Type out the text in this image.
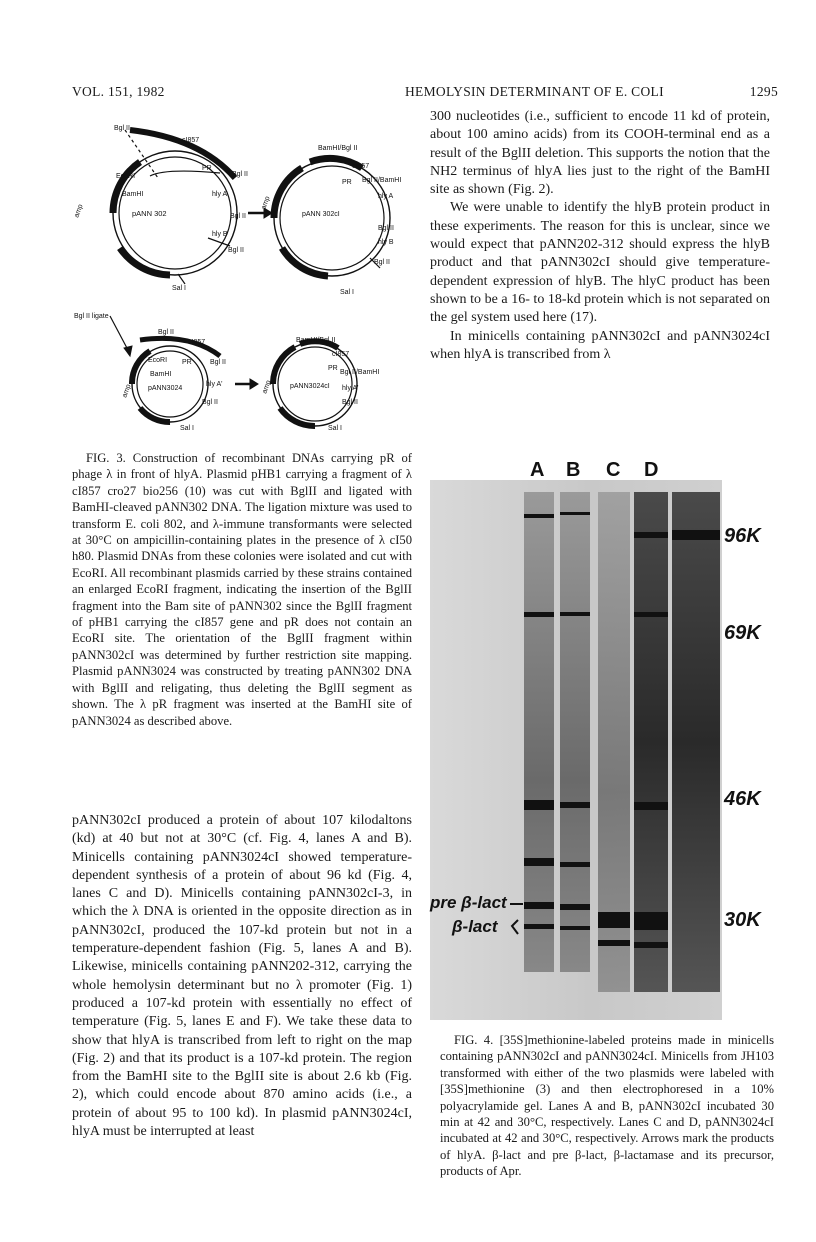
VOL. 151, 1982	HEMOLYSIN DETERMINANT OF E. COLI	1295
Bgl II
cI857
PR
Bgl II
EcoRI
BamHI	hly A
pANN 302	Bgl II
hly B
Bgl II
Sal I
amp
BamHI/Bgl II
cI857
PR Bgl II/BamHI
hly A
pANN 302cI
Bgl II
hly B
Bgl II
Sal I
amp
Bgl II ligate
Bgl II
cI857
EcoRI PR	Bgl II
BamHI
hly A'
pANN3024
Bgl II
Sal I
amp
BamHI/Bgl II
cI857
PR
Bgl II/BamHI
hly A'
pANN3024cI
Bgl II
Sal I
amp

FIG. 3. Construction of recombinant DNAs carrying pR of phage λ in front of hlyA. Plasmid pHB1 carrying a fragment of λ cI857 cro27 bio256 (10) was cut with BglII and ligated with BamHI-cleaved pANN302 DNA. The ligation mixture was used to transform E. coli 802, and λ-immune transformants were selected at 30°C on ampicillin-containing plates in the presence of λ cI50 h80. Plasmid DNAs from these colonies were isolated and cut with EcoRI. All recombinant plasmids carried by these strains contained an enlarged EcoRI fragment, indicating the insertion of the BglII fragment into the Bam site of pANN302 since the BglII fragment of pHB1 carrying the cI857 gene and pR does not contain an EcoRI site. The orientation of the BglII fragment within pANN302cI was determined by further restriction site mapping. Plasmid pANN3024 was constructed by treating pANN302 DNA with BglII and religating, thus deleting the BglII segment as shown. The λ pR fragment was inserted at the BamHI site of pANN3024 as described above.

pANN302cI produced a protein of about 107 kilodaltons (kd) at 40 but not at 30°C (cf. Fig. 4, lanes A and B). Minicells containing pANN3024cI showed temperature-dependent synthesis of a protein of about 96 kd (Fig. 4, lanes C and D). Minicells containing pANN302cI-3, in which the λ DNA is oriented in the opposite direction as in pANN302cI, produced the 107-kd protein but not in a temperature-dependent fashion (Fig. 5, lanes A and B). Likewise, minicells containing pANN202-312, carrying the whole hemolysin determinant but no λ promoter (Fig. 1) produced a 107-kd protein with essentially no effect of temperature (Fig. 5, lanes E and F). We take these data to show that hlyA is transcribed from left to right on the map (Fig. 2) and that its product is a 107-kd protein. The region from the BamHI site to the BglII site is about 2.6 kb (Fig. 2), which could encode about 870 amino acids (i.e., a protein of about 95 to 100 kd). In plasmid pANN3024cI, hlyA must be interrupted at least

300 nucleotides (i.e., sufficient to encode 11 kd of protein, about 100 amino acids) from its COOH-terminal end as a result of the BglII deletion. This supports the notion that the NH2 terminus of hlyA lies just to the right of the BamHI site as shown (Fig. 2).

We were unable to identify the hlyB protein product in these experiments. The reason for this is unclear, since we would expect that pANN202-312 should express the hlyB product and that pANN302cI should give temperature-dependent expression of hlyB. The hlyC product has been shown to be a 16- to 18-kd protein which is not separated on the gel system used here (17).

In minicells containing pANN302cI and pANN3024cI when hlyA is transcribed from λ

A B C D
96K
69K
46K
30K
pre β-lact
β-lact

FIG. 4. [35S]methionine-labeled proteins made in minicells containing pANN302cI and pANN3024cI. Minicells from JH103 transformed with either of the two plasmids were labeled with [35S]methionine (3) and then electrophoresed in a 10% polyacrylamide gel. Lanes A and B, pANN302cI incubated 30 min at 42 and 30°C, respectively. Lanes C and D, pANN3024cI incubated at 42 and 30°C, respectively. Arrows mark the products of hlyA. β-lact and pre β-lact, β-lactamase and its precursor, products of Apr.
